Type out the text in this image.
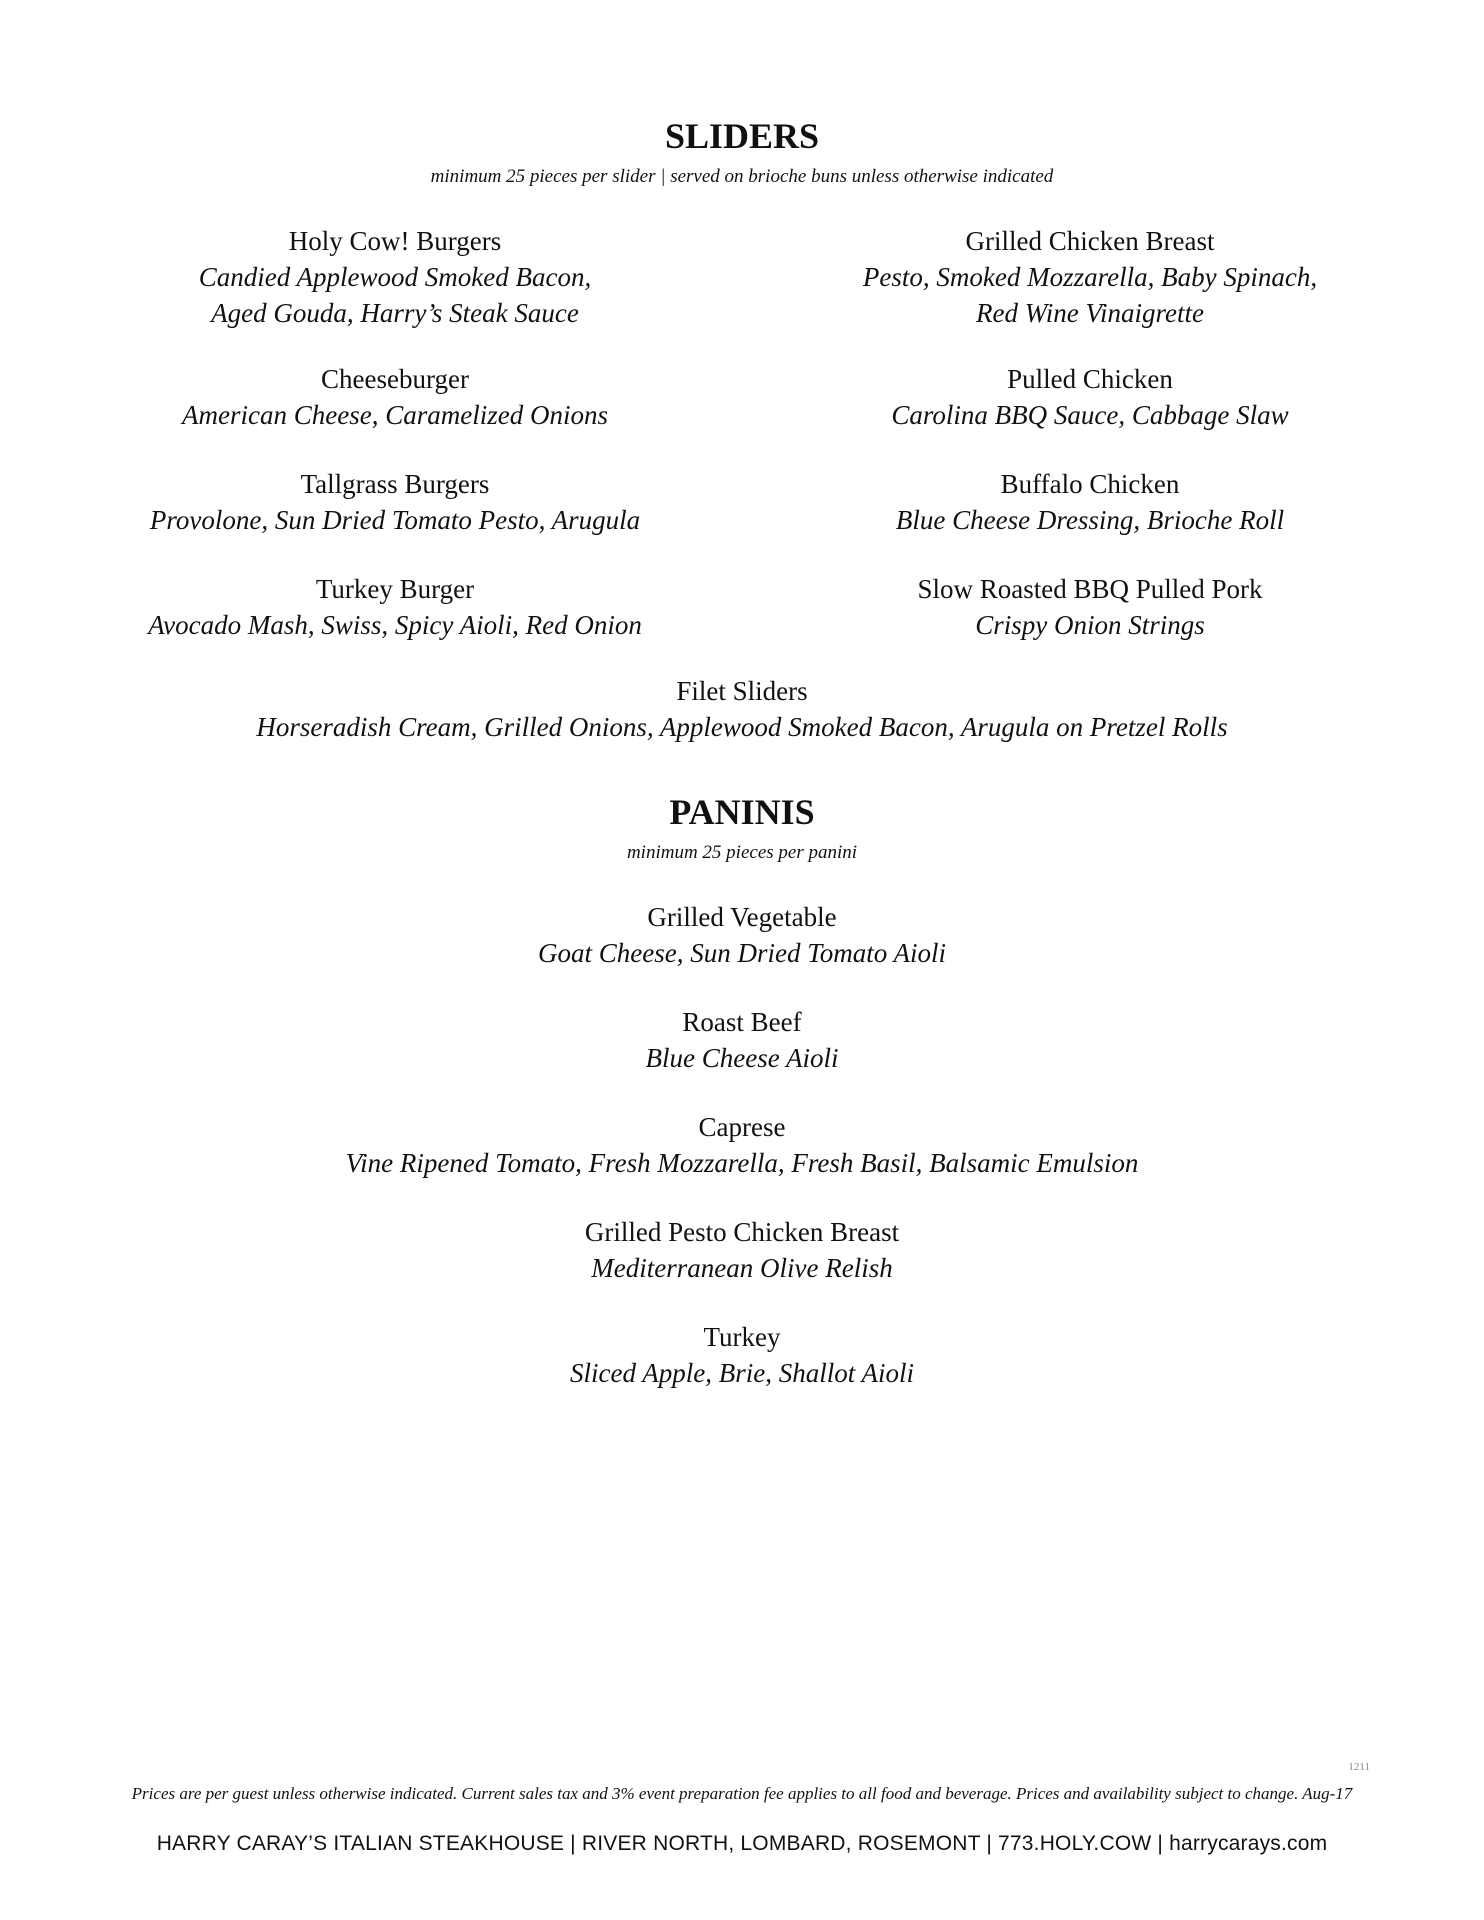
SLIDERS
minimum 25 pieces per slider | served on brioche buns unless otherwise indicated
Holy Cow! Burgers
Candied Applewood Smoked Bacon,
Aged Gouda, Harry’s Steak Sauce
Grilled Chicken Breast
Pesto, Smoked Mozzarella, Baby Spinach,
Red Wine Vinaigrette
Cheeseburger
American Cheese, Caramelized Onions
Pulled Chicken
Carolina BBQ Sauce, Cabbage Slaw
Tallgrass Burgers
Provolone, Sun Dried Tomato Pesto, Arugula
Buffalo Chicken
Blue Cheese Dressing, Brioche Roll
Turkey Burger
Avocado Mash, Swiss, Spicy Aioli, Red Onion
Slow Roasted BBQ Pulled Pork
Crispy Onion Strings
Filet Sliders
Horseradish Cream, Grilled Onions, Applewood Smoked Bacon, Arugula on Pretzel Rolls
PANINIS
minimum 25 pieces per panini
Grilled Vegetable
Goat Cheese, Sun Dried Tomato Aioli
Roast Beef
Blue Cheese Aioli
Caprese
Vine Ripened Tomato, Fresh Mozzarella, Fresh Basil, Balsamic Emulsion
Grilled Pesto Chicken Breast
Mediterranean Olive Relish
Turkey
Sliced Apple, Brie, Shallot Aioli
1211
Prices are per guest unless otherwise indicated. Current sales tax and 3% event preparation fee applies to all food and beverage. Prices and availability subject to change. Aug-17
HARRY CARAY’S ITALIAN STEAKHOUSE | RIVER NORTH, LOMBARD, ROSEMONT | 773.HOLY.COW | harrycarays.com
